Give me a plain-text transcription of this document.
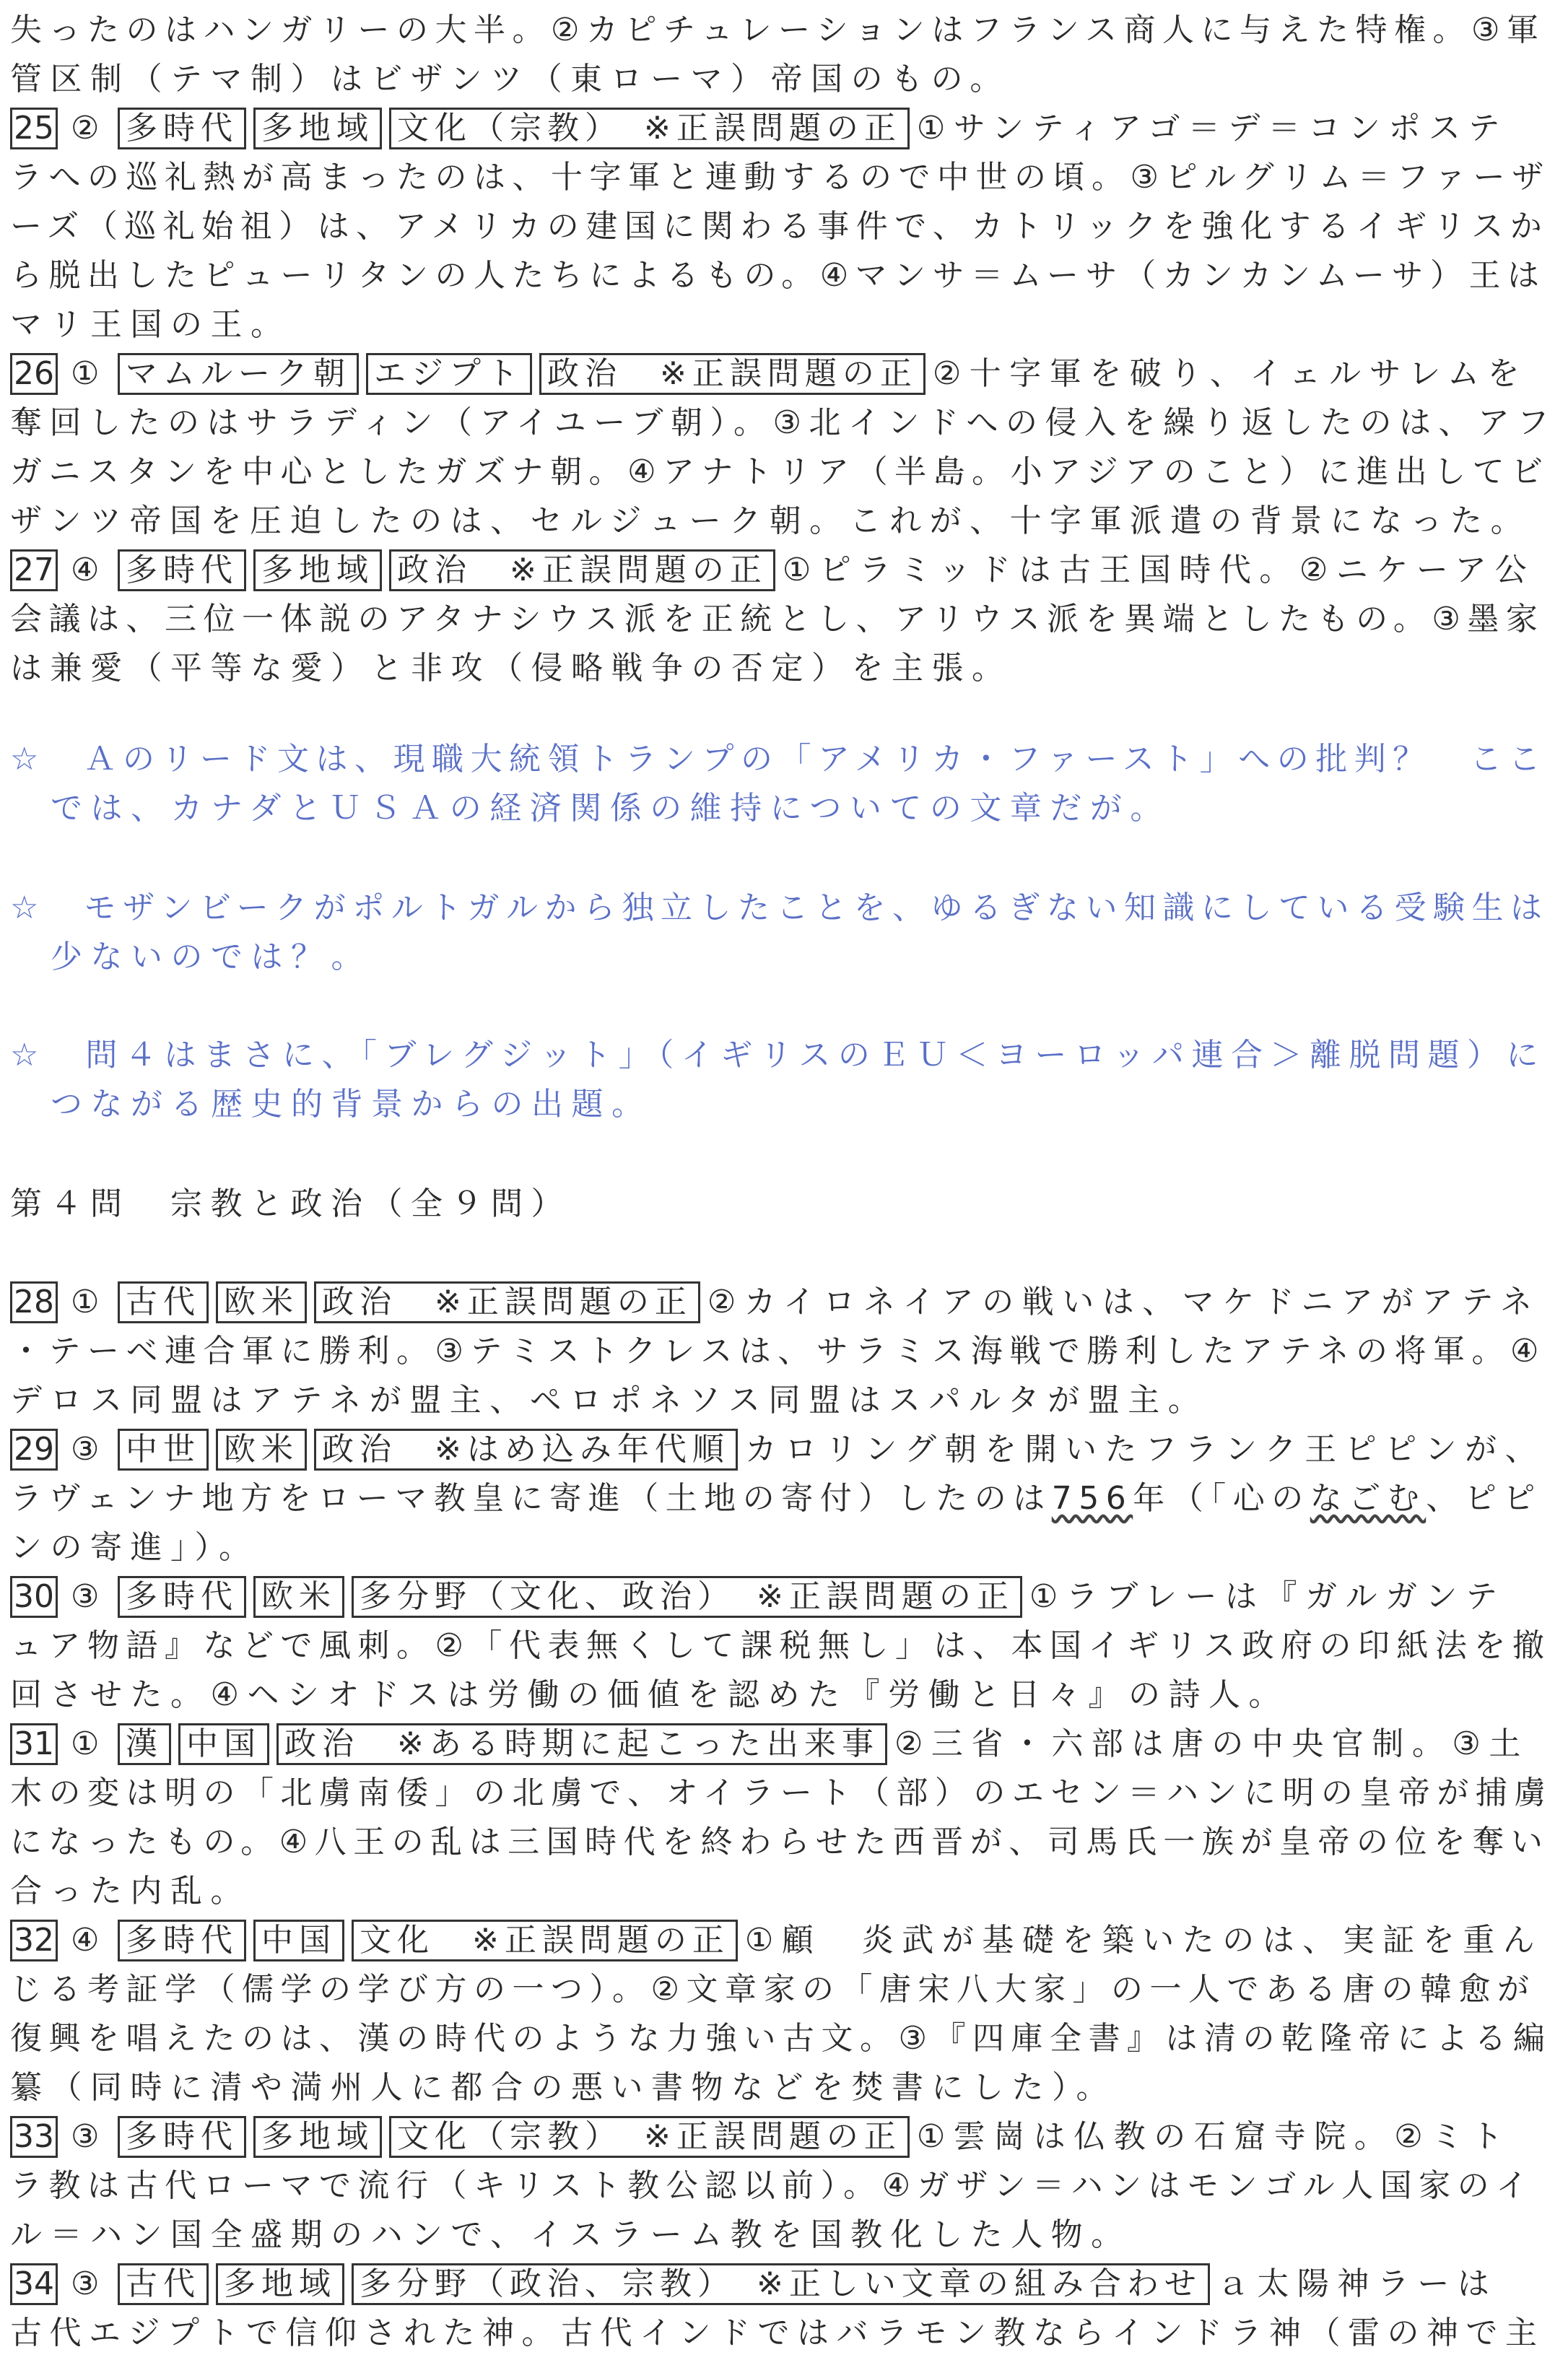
失ったのはハンガリーの大半。②カピチュレーションはフランス商人に与えた特権。③軍
管区制（テマ制）はビザンツ（東ローマ）帝国のもの。
25 ② 多時代 多地域 文化（宗教）　※正誤問題の正 ①サンティアゴ＝デ＝コンポステ
ラへの巡礼熱が高まったのは、十字軍と連動するので中世の頃。③ピルグリム＝ファーザ
ーズ（巡礼始祖）は、アメリカの建国に関わる事件で、カトリックを強化するイギリスか
ら脱出したピューリタンの人たちによるもの。④マンサ＝ムーサ（カンカンムーサ）王は
マリ王国の王。
26 ① マムルーク朝 エジプト 政治　※正誤問題の正 ②十字軍を破り、イェルサレムを
奪回したのはサラディン（アイユーブ朝）。③北インドへの侵入を繰り返したのは、アフ
ガニスタンを中心としたガズナ朝。④アナトリア（半島。小アジアのこと）に進出してビ
ザンツ帝国を圧迫したのは、セルジューク朝。これが、十字軍派遣の背景になった。
27 ④ 多時代 多地域 政治　※正誤問題の正 ①ピラミッドは古王国時代。②ニケーア公
会議は、三位一体説のアタナシウス派を正統とし、アリウス派を異端としたもの。③墨家
は兼愛（平等な愛）と非攻（侵略戦争の否定）を主張。
☆　Ａのリード文は、現職大統領トランプの「アメリカ・ファースト」への批判？　ここ
では、カナダとＵＳＡの経済関係の維持についての文章だが。
☆　モザンビークがポルトガルから独立したことを、ゆるぎない知識にしている受験生は
少ないのでは？。
☆　問４はまさに、「ブレグジット」（イギリスのＥＵ＜ヨーロッパ連合＞離脱問題）に
つながる歴史的背景からの出題。
第４問　宗教と政治（全９問）
28 ① 古代 欧米 政治　※正誤問題の正 ②カイロネイアの戦いは、マケドニアがアテネ
・テーベ連合軍に勝利。③テミストクレスは、サラミス海戦で勝利したアテネの将軍。④
デロス同盟はアテネが盟主、ペロポネソス同盟はスパルタが盟主。
29 ③ 中世 欧米 政治　※はめ込み年代順 カロリング朝を開いたフランク王ピピンが、
ラヴェンナ地方をローマ教皇に寄進（土地の寄付）したのは756年（「心のなごむ、ピピ
ンの寄進」）。
30 ③ 多時代 欧米 多分野（文化、政治）　※正誤問題の正 ①ラブレーは『ガルガンテ
ュア物語』などで風刺。②「代表無くして課税無し」は、本国イギリス政府の印紙法を撤
回させた。④ヘシオドスは労働の価値を認めた『労働と日々』の詩人。
31 ① 漢 中国 政治　※ある時期に起こった出来事 ②三省・六部は唐の中央官制。③土
木の変は明の「北虜南倭」の北虜で、オイラート（部）のエセン＝ハンに明の皇帝が捕虜
になったもの。④八王の乱は三国時代を終わらせた西晋が、司馬氏一族が皇帝の位を奪い
合った内乱。
32 ④ 多時代 中国 文化　※正誤問題の正 ①顧　炎武が基礎を築いたのは、実証を重ん
じる考証学（儒学の学び方の一つ）。②文章家の「唐宋八大家」の一人である唐の韓愈が
復興を唱えたのは、漢の時代のような力強い古文。③『四庫全書』は清の乾隆帝による編
纂（同時に清や満州人に都合の悪い書物などを焚書にした）。
33 ③ 多時代 多地域 文化（宗教）　※正誤問題の正 ①雲崗は仏教の石窟寺院。②ミト
ラ教は古代ローマで流行（キリスト教公認以前）。④ガザン＝ハンはモンゴル人国家のイ
ル＝ハン国全盛期のハンで、イスラーム教を国教化した人物。
34 ③ 古代 多地域 多分野（政治、宗教）　※正しい文章の組み合わせ ａ太陽神ラーは
古代エジプトで信仰された神。古代インドではバラモン教ならインドラ神（雷の神で主
